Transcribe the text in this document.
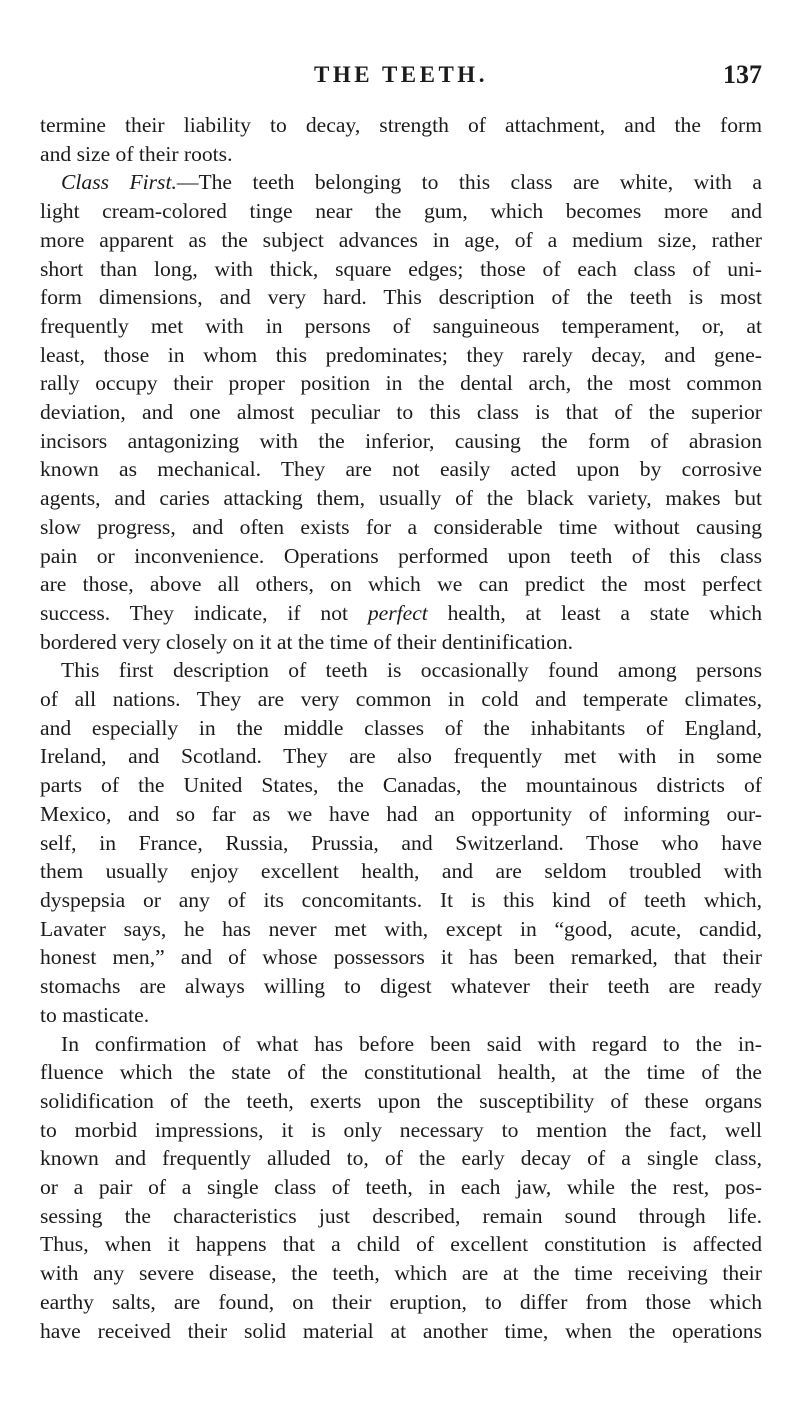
THE TEETH.	137
termine their liability to decay, strength of attachment, and the form
and size of their roots.
Class First.—The teeth belonging to this class are white, with a
light cream-colored tinge near the gum, which becomes more and
more apparent as the subject advances in age, of a medium size, rather
short than long, with thick, square edges; those of each class of uni-
form dimensions, and very hard. This description of the teeth is most
frequently met with in persons of sanguineous temperament, or, at
least, those in whom this predominates; they rarely decay, and gene-
rally occupy their proper position in the dental arch, the most common
deviation, and one almost peculiar to this class is that of the superior
incisors antagonizing with the inferior, causing the form of abrasion
known as mechanical. They are not easily acted upon by corrosive
agents, and caries attacking them, usually of the black variety, makes but
slow progress, and often exists for a considerable time without causing
pain or inconvenience. Operations performed upon teeth of this class
are those, above all others, on which we can predict the most perfect
success. They indicate, if not perfect health, at least a state which
bordered very closely on it at the time of their dentinification.
This first description of teeth is occasionally found among persons
of all nations. They are very common in cold and temperate climates,
and especially in the middle classes of the inhabitants of England,
Ireland, and Scotland. They are also frequently met with in some
parts of the United States, the Canadas, the mountainous districts of
Mexico, and so far as we have had an opportunity of informing our-
self, in France, Russia, Prussia, and Switzerland. Those who have
them usually enjoy excellent health, and are seldom troubled with
dyspepsia or any of its concomitants. It is this kind of teeth which,
Lavater says, he has never met with, except in “good, acute, candid,
honest men,” and of whose possessors it has been remarked, that their
stomachs are always willing to digest whatever their teeth are ready
to masticate.
In confirmation of what has before been said with regard to the in-
fluence which the state of the constitutional health, at the time of the
solidification of the teeth, exerts upon the susceptibility of these organs
to morbid impressions, it is only necessary to mention the fact, well
known and frequently alluded to, of the early decay of a single class,
or a pair of a single class of teeth, in each jaw, while the rest, pos-
sessing the characteristics just described, remain sound through life.
Thus, when it happens that a child of excellent constitution is affected
with any severe disease, the teeth, which are at the time receiving their
earthy salts, are found, on their eruption, to differ from those which
have received their solid material at another time, when the operations
